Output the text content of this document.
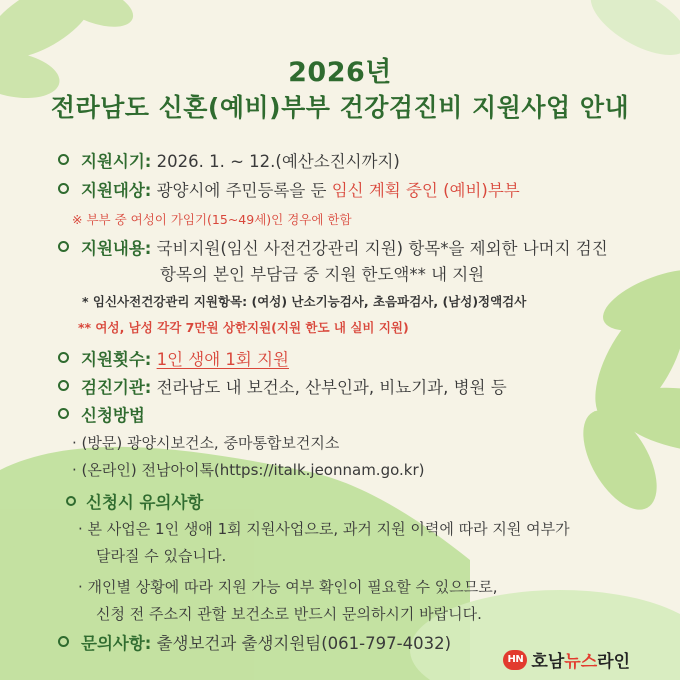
2026년
전라남도 신혼(예비)부부 건강검진비 지원사업 안내
지원시기: 2026. 1. ~ 12.(예산소진시까지)
지원대상: 광양시에 주민등록을 둔 임신 계획 중인 (예비)부부
※ 부부 중 여성이 가임기(15~49세)인 경우에 한함
지원내용: 국비지원(임신 사전건강관리 지원) 항목*을 제외한 나머지 검진
항목의 본인 부담금 중 지원 한도액** 내 지원
* 임신사전건강관리 지원항목: (여성) 난소기능검사, 초음파검사, (남성)정액검사
** 여성, 남성 각각 7만원 상한지원(지원 한도 내 실비 지원)
지원횟수: 1인 생애 1회 지원
검진기관: 전라남도 내 보건소, 산부인과, 비뇨기과, 병원 등
신청방법
· (방문) 광양시보건소, 중마통합보건지소
· (온라인) 전남아이톡(https://italk.jeonnam.go.kr)
신청시 유의사항
· 본 사업은 1인 생애 1회 지원사업으로, 과거 지원 이력에 따라 지원 여부가
달라질 수 있습니다.
· 개인별 상황에 따라 지원 가능 여부 확인이 필요할 수 있으므로,
신청 전 주소지 관할 보건소로 반드시 문의하시기 바랍니다.
문의사항: 출생보건과 출생지원팀(061-797-4032)
HN 호남 뉴스 라인
